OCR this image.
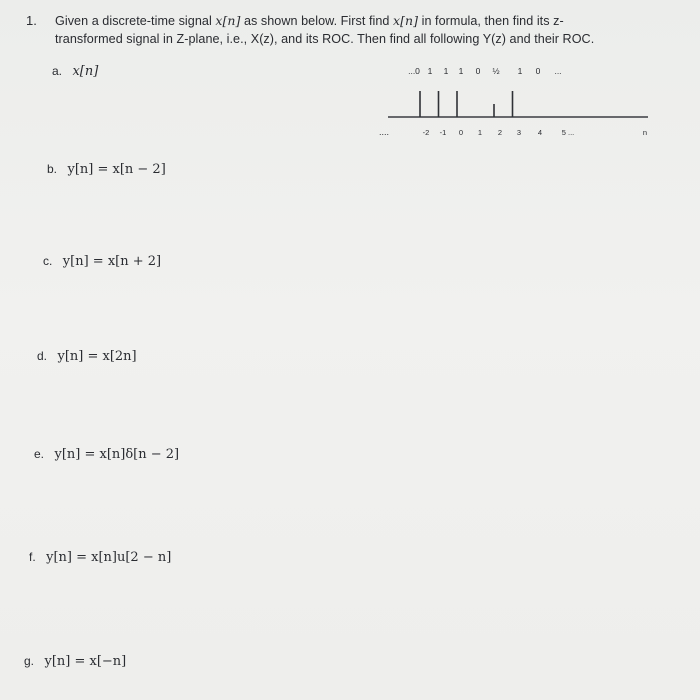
1. Given a discrete-time signal x[n] as shown below. First find x[n] in formula, then find its z-
transformed signal in Z-plane, i.e., X(z), and its ROC. Then find all following Y(z) and their ROC.
a. x[n]	...0 1 1 1 0 ½ 1 0 ...
....	-2 -1 0 1 2 3 4	5 ...	n
b. y[n] = x[n − 2]
c. y[n] = x[n + 2]
d. y[n] = x[2n]
e. y[n] = x[n]δ[n − 2]
f. y[n] = x[n]u[2 − n]
g. y[n] = x[−n]
